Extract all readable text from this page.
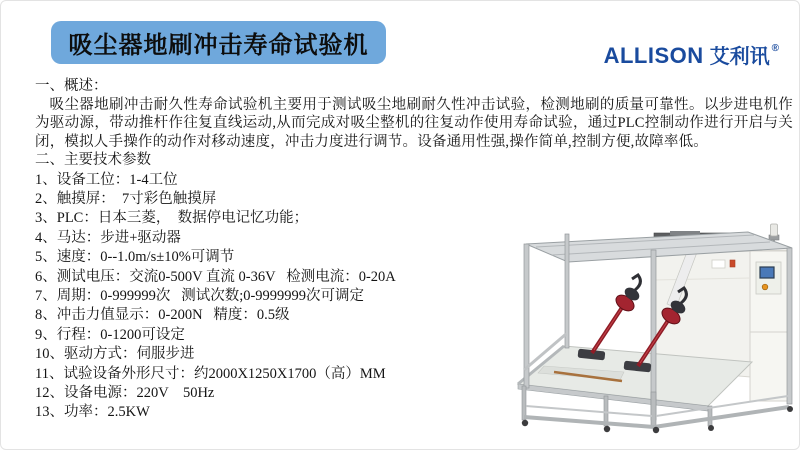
吸尘器地刷冲击寿命试验机	ALLISON 艾利讯 ®
一、概述：

吸尘器地刷冲击耐久性寿命试验机主要用于测试吸尘地刷耐久性冲击试验，检测地刷的质量可靠性。以步进电机作为驱动源，带动推杆作往复直线运动,从而完成对吸尘整机的往复动作使用寿命试验，通过PLC控制动作进行开启与关闭，模拟人手操作的动作对移动速度，冲击力度进行调节。设备通用性强,操作简单,控制方便,故障率低。

二、主要技术参数
1、设备工位：1-4工位
2、触摸屏：  7寸彩色触摸屏
3、PLC：日本三菱，  数据停电记忆功能；
4、马达：步进+驱动器
5、速度：0--1.0m/s±10%可调节
6、测试电压：交流0-500V 直流 0-36V   检测电流：0-20A
7、周期：0-999999次   测试次数;0-9999999次可调定
8、冲击力值显示：0-200N   精度：0.5级
9、行程：0-1200可设定
10、驱动方式：伺服步进
11、试验设备外形尺寸：约2000X1250X1700（高）MM
12、设备电源：220V    50Hz
13、功率：2.5KW
